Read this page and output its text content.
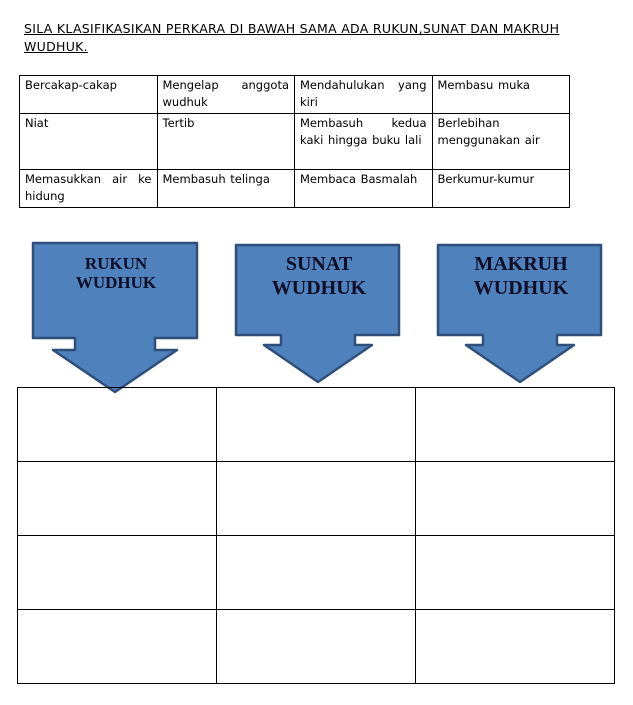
SILA KLASIFIKASIKAN PERKARA DI BAWAH SAMA ADA RUKUN,SUNAT DAN MAKRUH WUDHUK.
Bercakap-cakap	Mengelap anggota wudhuk	Mendahulukan yang kiri	Membasu muka
Niat	Tertib	Membasuh kedua kaki hingga buku lali	Berlebihan menggunakan air
Memasukkan air ke hidung	Membasuh telinga	Membaca Basmalah	Berkumur-kumur
RUKUN
WUDHUK
SUNAT
WUDHUK
MAKRUH
WUDHUK
